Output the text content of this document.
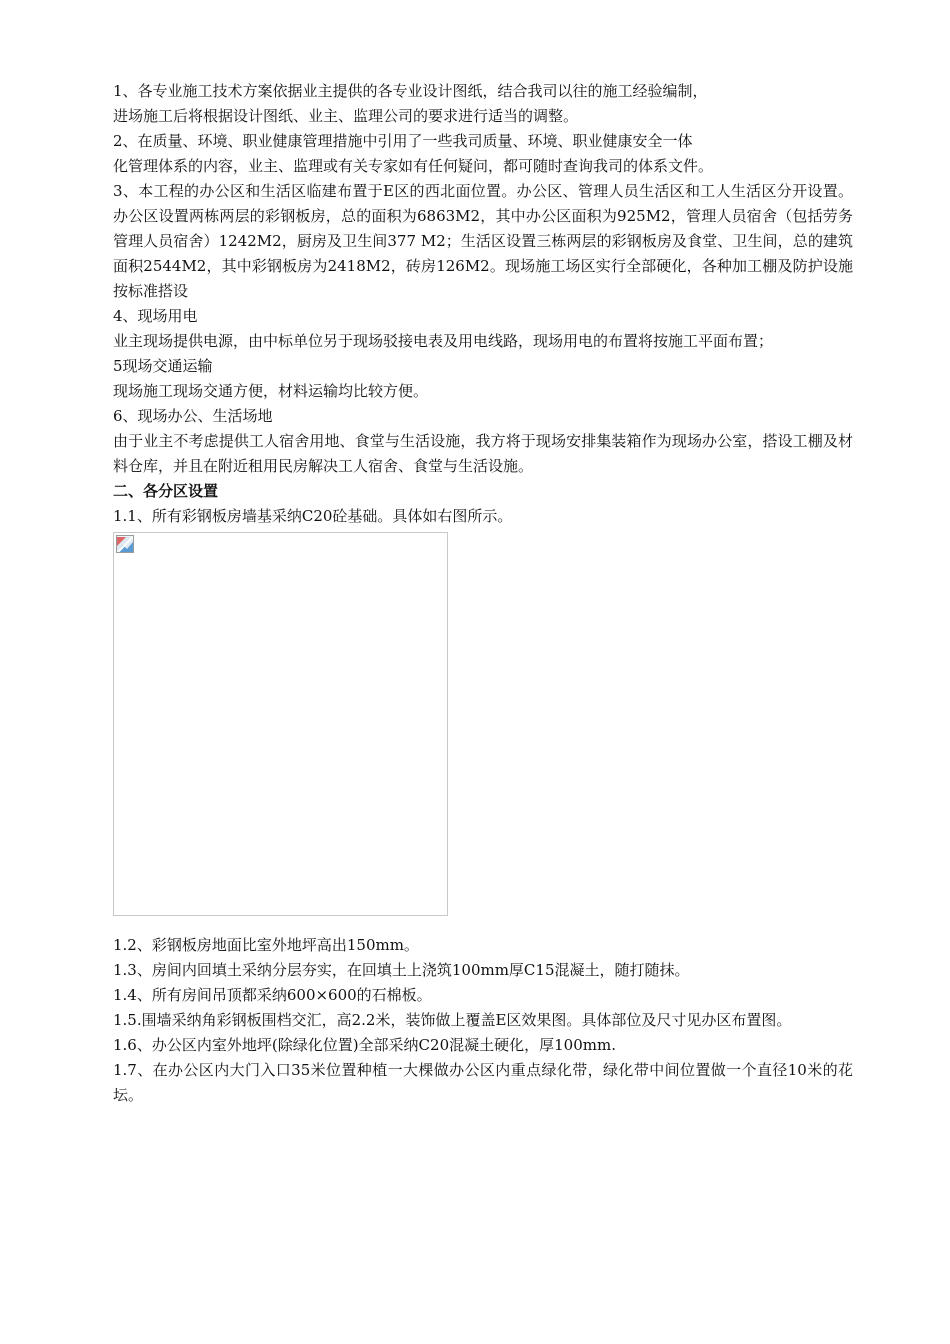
1、各专业施工技术方案依据业主提供的各专业设计图纸，结合我司以往的施工经验编制，

进场施工后将根据设计图纸、业主、监理公司的要求进行适当的调整。

2、在质量、环境、职业健康管理措施中引用了一些我司质量、环境、职业健康安全一体

化管理体系的内容，业主、监理或有关专家如有任何疑问，都可随时查询我司的体系文件。

3、本工程的办公区和生活区临建布置于E区的西北面位置。办公区、管理人员生活区和工人生活区分开设置。办公区设置两栋两层的彩钢板房，总的面积为6863M2，其中办公区面积为925M2，管理人员宿舍（包括劳务管理人员宿舍）1242M2，厨房及卫生间377 M2；生活区设置三栋两层的彩钢板房及食堂、卫生间，总的建筑面积2544M2，其中彩钢板房为2418M2，砖房126M2。现场施工场区实行全部硬化，各种加工棚及防护设施按标准搭设

4、现场用电

业主现场提供电源，由中标单位另于现场驳接电表及用电线路，现场用电的布置将按施工平面布置；

5现场交通运输

现场施工现场交通方便，材料运输均比较方便。

6、现场办公、生活场地

由于业主不考虑提供工人宿舍用地、食堂与生活设施，我方将于现场安排集装箱作为现场办公室，搭设工棚及材料仓库，并且在附近租用民房解决工人宿舍、食堂与生活设施。

二、各分区设置

1.1、所有彩钢板房墙基采纳C20砼基础。具体如右图所示。

1.2、彩钢板房地面比室外地坪高出150mm。

1.3、房间内回填土采纳分层夯实，在回填土上浇筑100mm厚C15混凝土，随打随抹。

1.4、所有房间吊顶都采纳600×600的石棉板。

1.5.围墙采纳角彩钢板围档交汇，高2.2米，装饰做上覆盖E区效果图。具体部位及尺寸见办区布置图。

1.6、办公区内室外地坪(除绿化位置)全部采纳C20混凝土硬化，厚100mm.

1.7、在办公区内大门入口35米位置种植一大棵做办公区内重点绿化带，绿化带中间位置做一个直径10米的花坛。
